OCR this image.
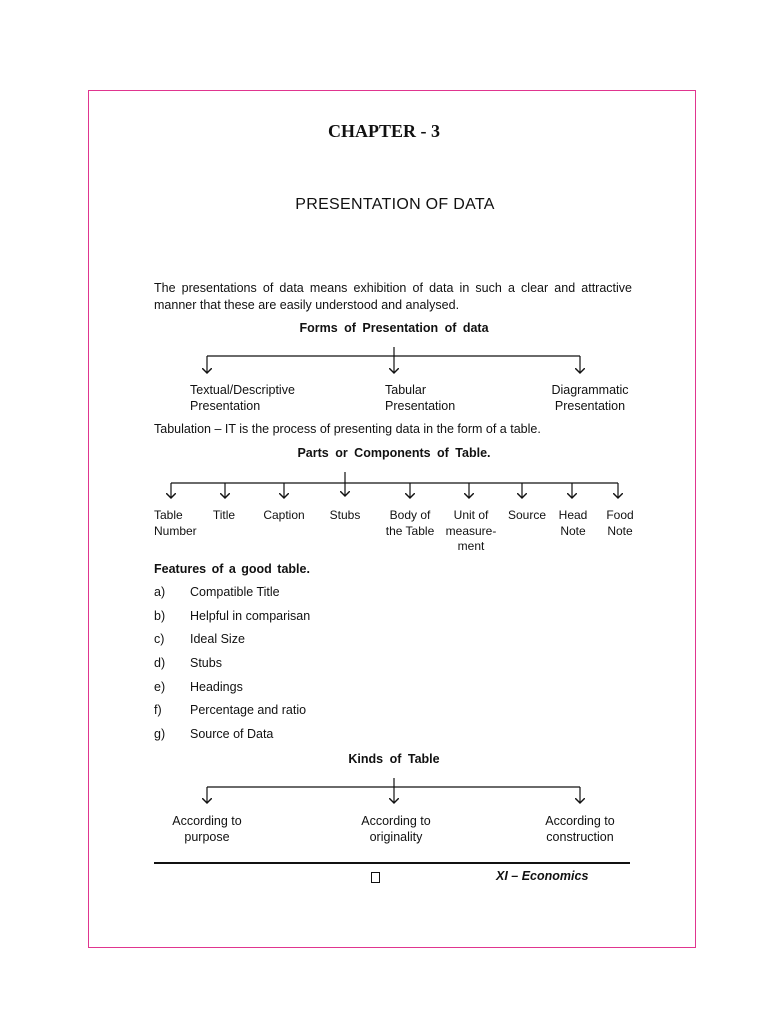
CHAPTER - 3
PRESENTATION OF DATA
The presentations of data means exhibition of data in such a clear and attractive manner that these are easily understood and analysed.
Forms of Presentation of data
Textual/Descriptive
Presentation
Tabular
Presentation
Diagrammatic
Presentation
Tabulation – IT is the process of presenting data in the form of a table.
Parts or Components of Table.
Table
Number
Title	Caption	Stubs	Body of
the Table
Unit of
measure-
ment
Source	Head
Note
Food
Note
Features of a good table.
a)	Compatible Title
b)	Helpful in comparisan
c)	Ideal Size
d)	Stubs
e)	Headings
f)	Percentage and ratio
g)	Source of Data
Kinds of Table
According to
purpose
According to
originality
According to
construction
XI – Economics
